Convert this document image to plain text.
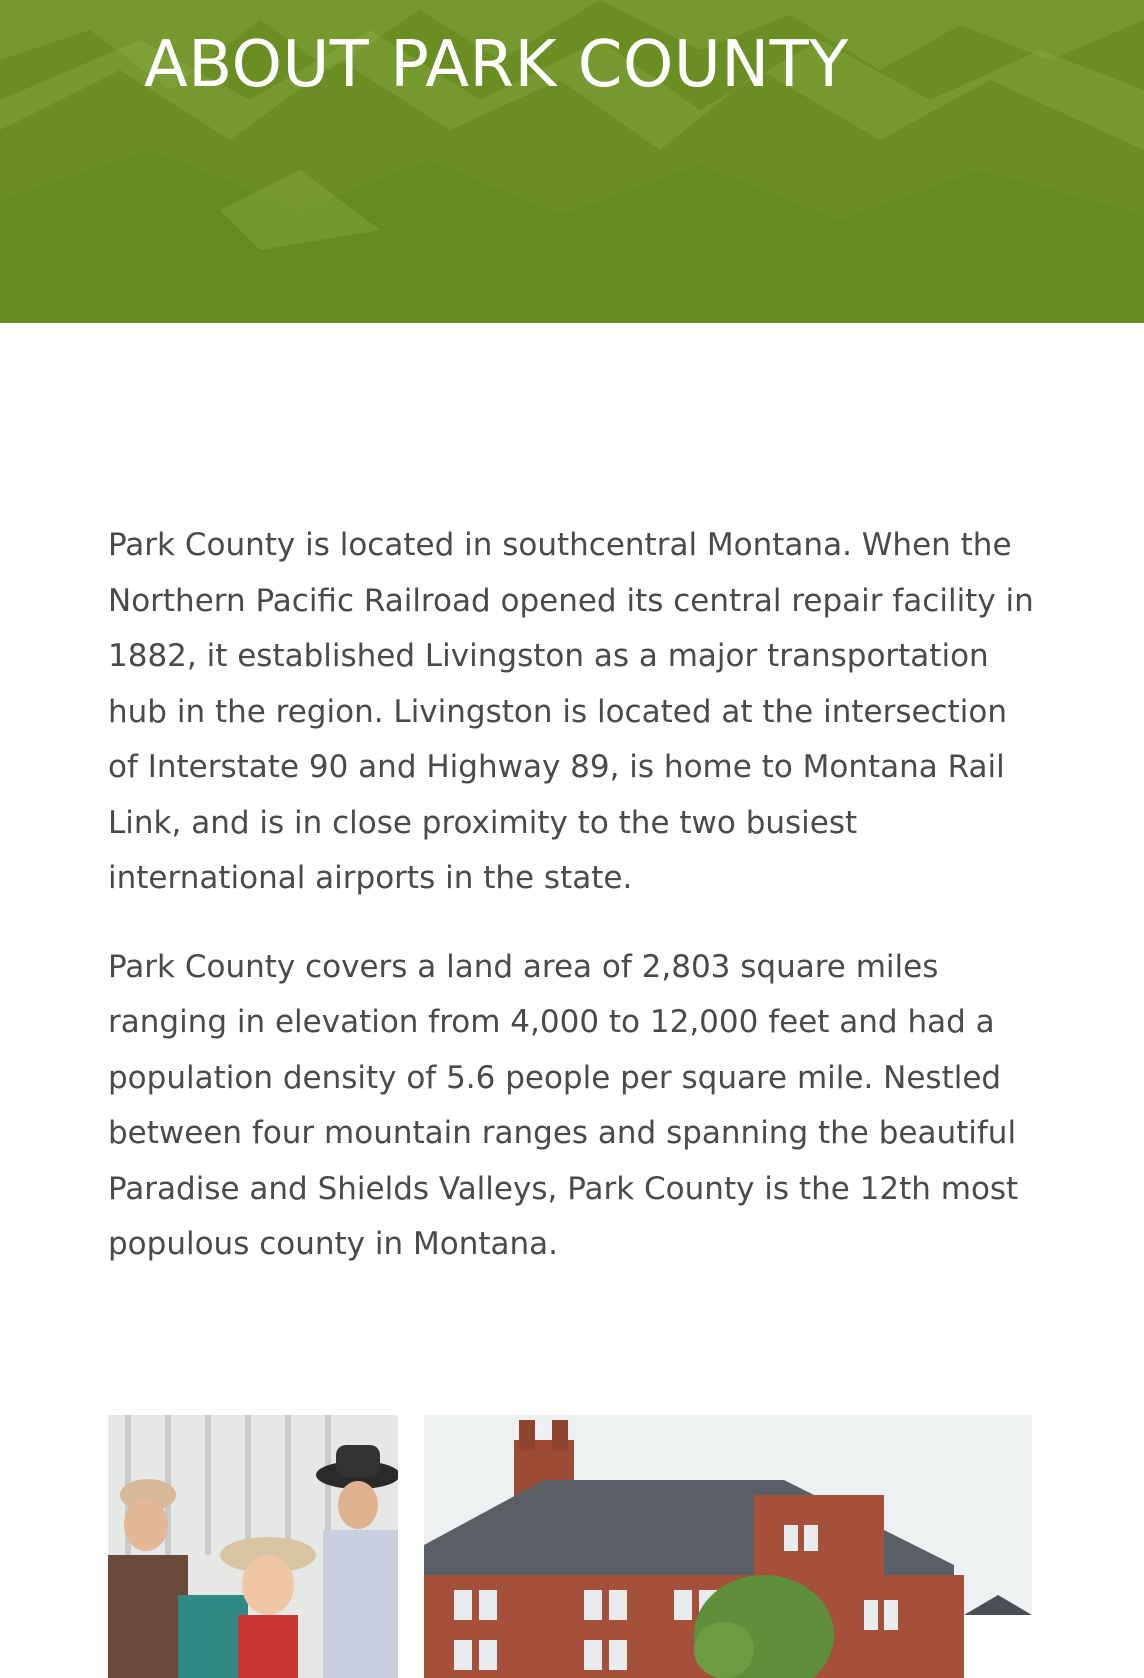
ABOUT PARK COUNTY

Park County is located in southcentral Montana. When the Northern Pacific Railroad opened its central repair facility in 1882, it established Livingston as a major transportation hub in the region. Livingston is located at the intersection of Interstate 90 and Highway 89, is home to Montana Rail Link, and is in close proximity to the two busiest international airports in the state.

Park County covers a land area of 2,803 square miles ranging in elevation from 4,000 to 12,000 feet and had a population density of 5.6 people per square mile. Nestled between four mountain ranges and spanning the beautiful Paradise and Shields Valleys, Park County is the 12th most populous county in Montana.
